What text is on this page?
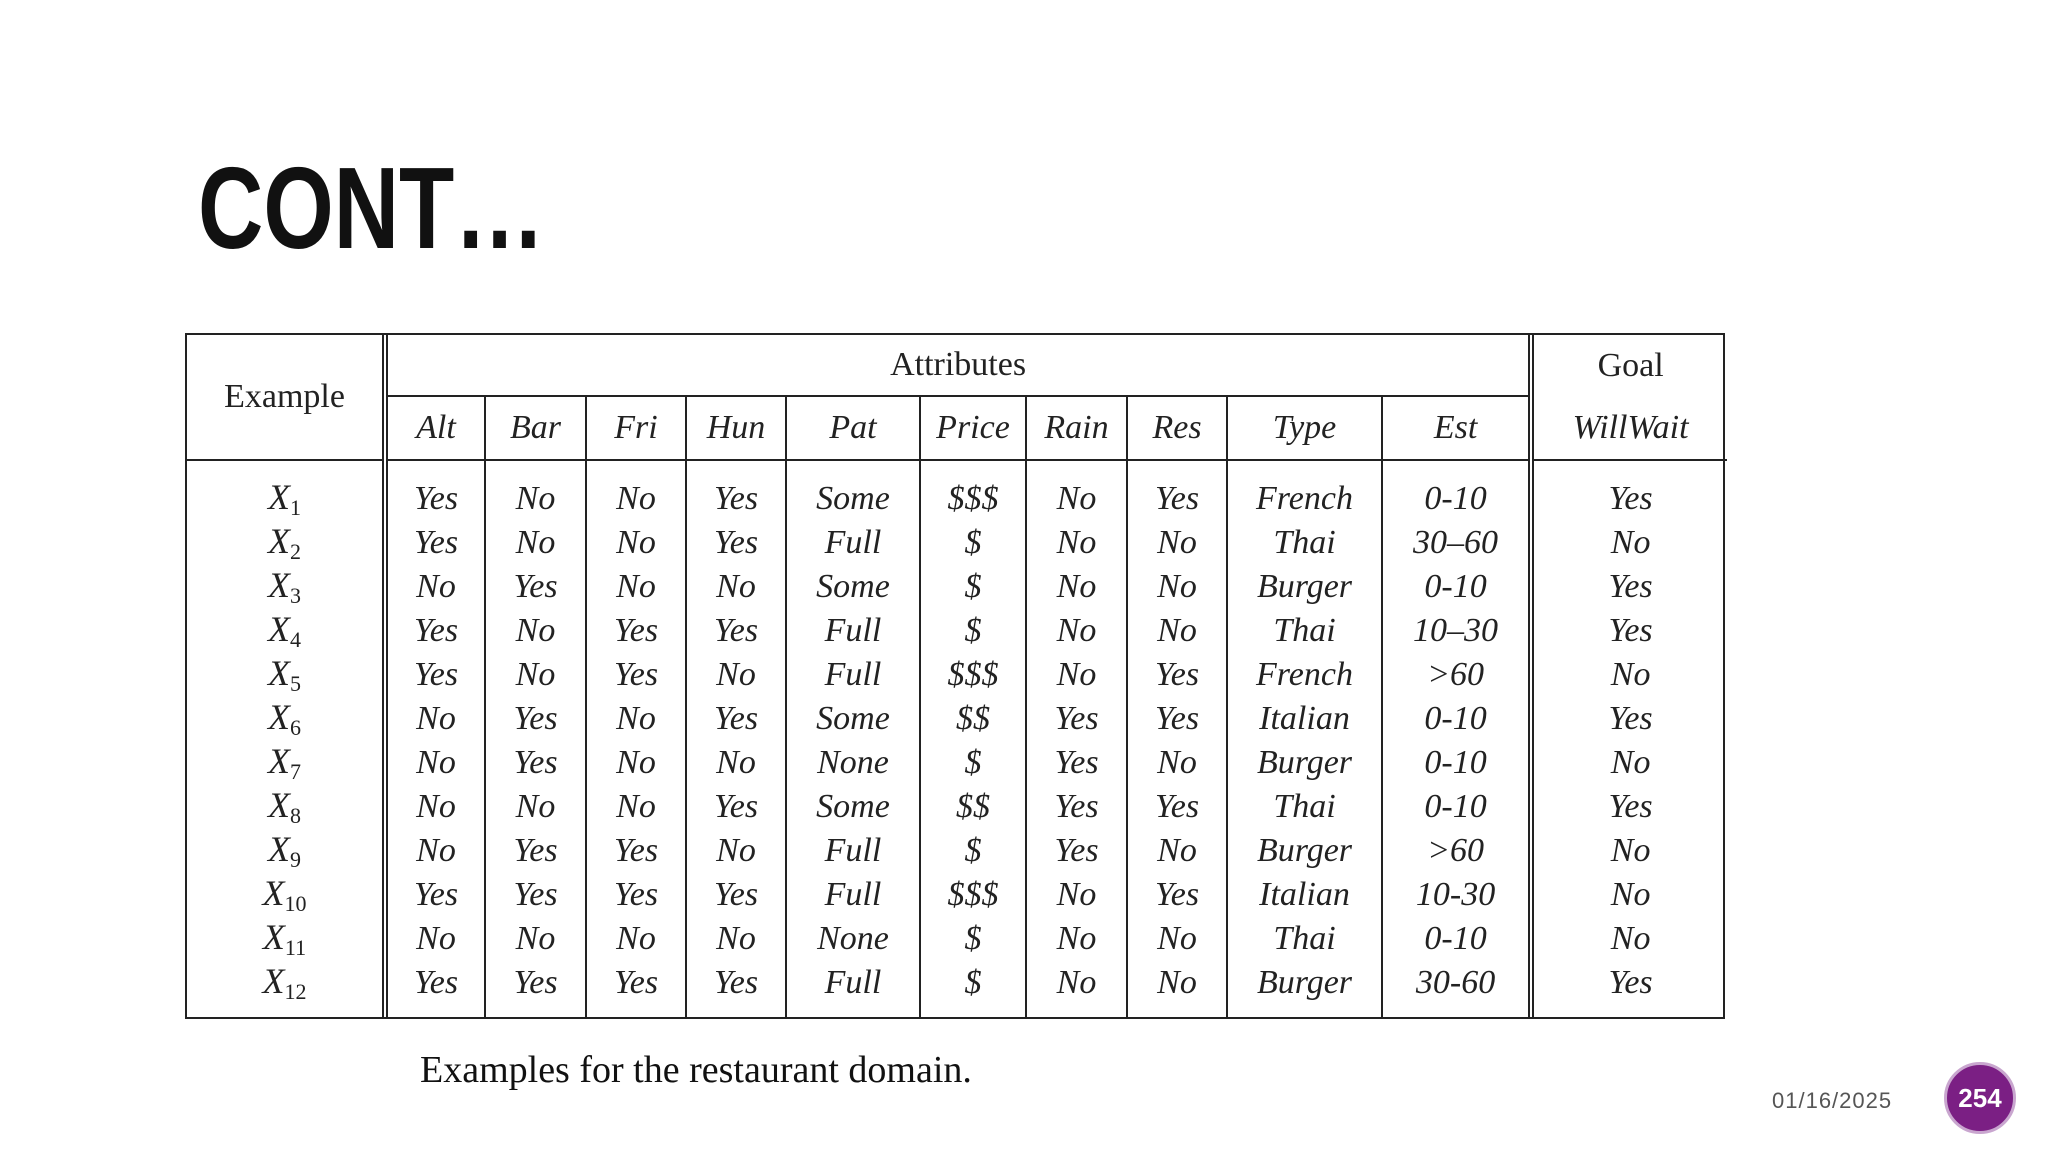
CONT…
Example	Attributes										Goal
	Alt	Bar	Fri	Hun	Pat	Price	Rain	Res	Type	Est	WillWait
$X_1$	Yes	No	No	Yes	Some	$$$	No	Yes	French	0-10	Yes
$X_2$	Yes	No	No	Yes	Full	$	No	No	Thai	30–60	No
$X_3$	No	Yes	No	No	Some	$	No	No	Burger	0-10	Yes
$X_4$	Yes	No	Yes	Yes	Full	$	No	No	Thai	10–30	Yes
$X_5$	Yes	No	Yes	No	Full	$$$	No	Yes	French	>60	No
$X_6$	No	Yes	No	Yes	Some	$$	Yes	Yes	Italian	0-10	Yes
$X_7$	No	Yes	No	No	None	$	Yes	No	Burger	0-10	No
$X_8$	No	No	No	Yes	Some	$$	Yes	Yes	Thai	0-10	Yes
$X_9$	No	Yes	Yes	No	Full	$	Yes	No	Burger	>60	No
$X_{10}$	Yes	Yes	Yes	Yes	Full	$$$	No	Yes	Italian	10-30	No
$X_{11}$	No	No	No	No	None	$	No	No	Thai	0-10	No
$X_{12}$	Yes	Yes	Yes	Yes	Full	$	No	No	Burger	30-60	Yes
Examples for the restaurant domain.
01/16/2025	254
